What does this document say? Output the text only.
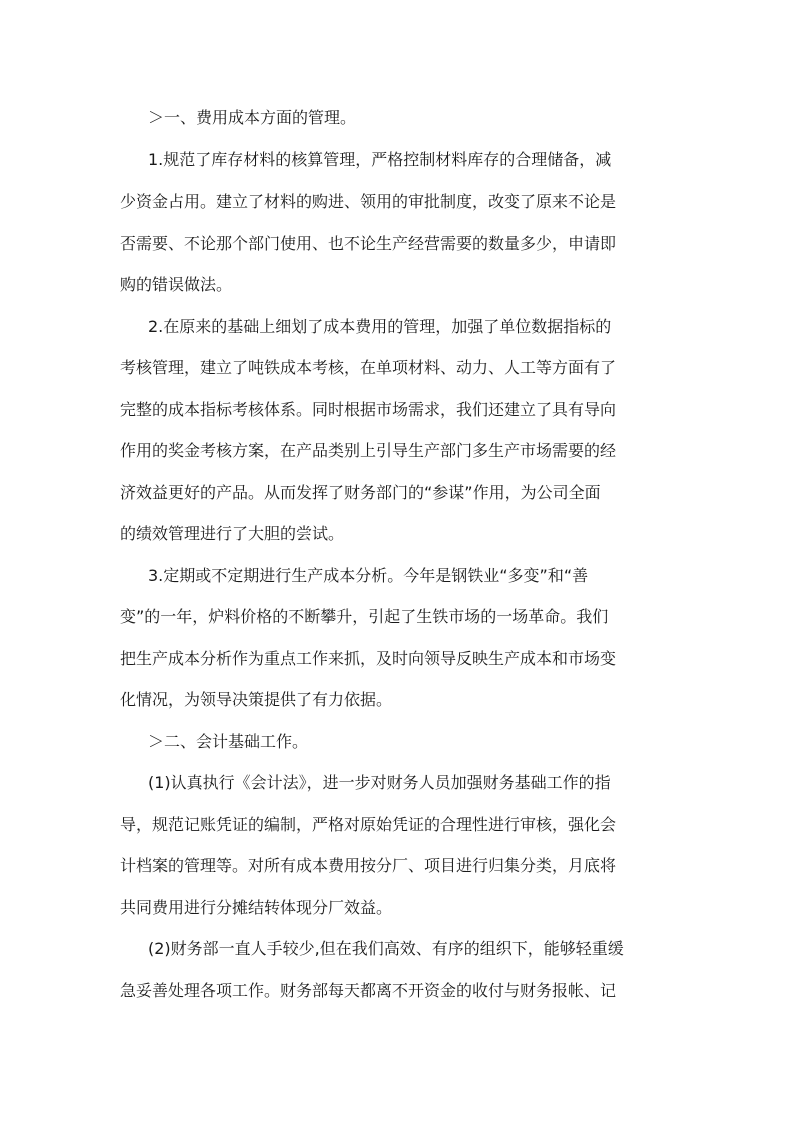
＞一、费用成本方面的管理。
1.规范了库存材料的核算管理，严格控制材料库存的合理储备，减
少资金占用。建立了材料的购进、领用的审批制度，改变了原来不论是
否需要、不论那个部门使用、也不论生产经营需要的数量多少，申请即
购的错误做法。
2.在原来的基础上细划了成本费用的管理，加强了单位数据指标的
考核管理，建立了吨铁成本考核，在单项材料、动力、人工等方面有了
完整的成本指标考核体系。同时根据市场需求，我们还建立了具有导向
作用的奖金考核方案，在产品类别上引导生产部门多生产市场需要的经
济效益更好的产品。从而发挥了财务部门的“参谋”作用，为公司全面
的绩效管理进行了大胆的尝试。
3.定期或不定期进行生产成本分析。今年是钢铁业“多变”和“善
变”的一年，炉料价格的不断攀升，引起了生铁市场的一场革命。我们
把生产成本分析作为重点工作来抓，及时向领导反映生产成本和市场变
化情况，为领导决策提供了有力依据。
＞二、会计基础工作。
(1)认真执行《会计法》，进一步对财务人员加强财务基础工作的指
导，规范记账凭证的编制，严格对原始凭证的合理性进行审核，强化会
计档案的管理等。对所有成本费用按分厂、项目进行归集分类，月底将
共同费用进行分摊结转体现分厂效益。
(2)财务部一直人手较少,但在我们高效、有序的组织下，能够轻重缓
急妥善处理各项工作。财务部每天都离不开资金的收付与财务报帐、记
